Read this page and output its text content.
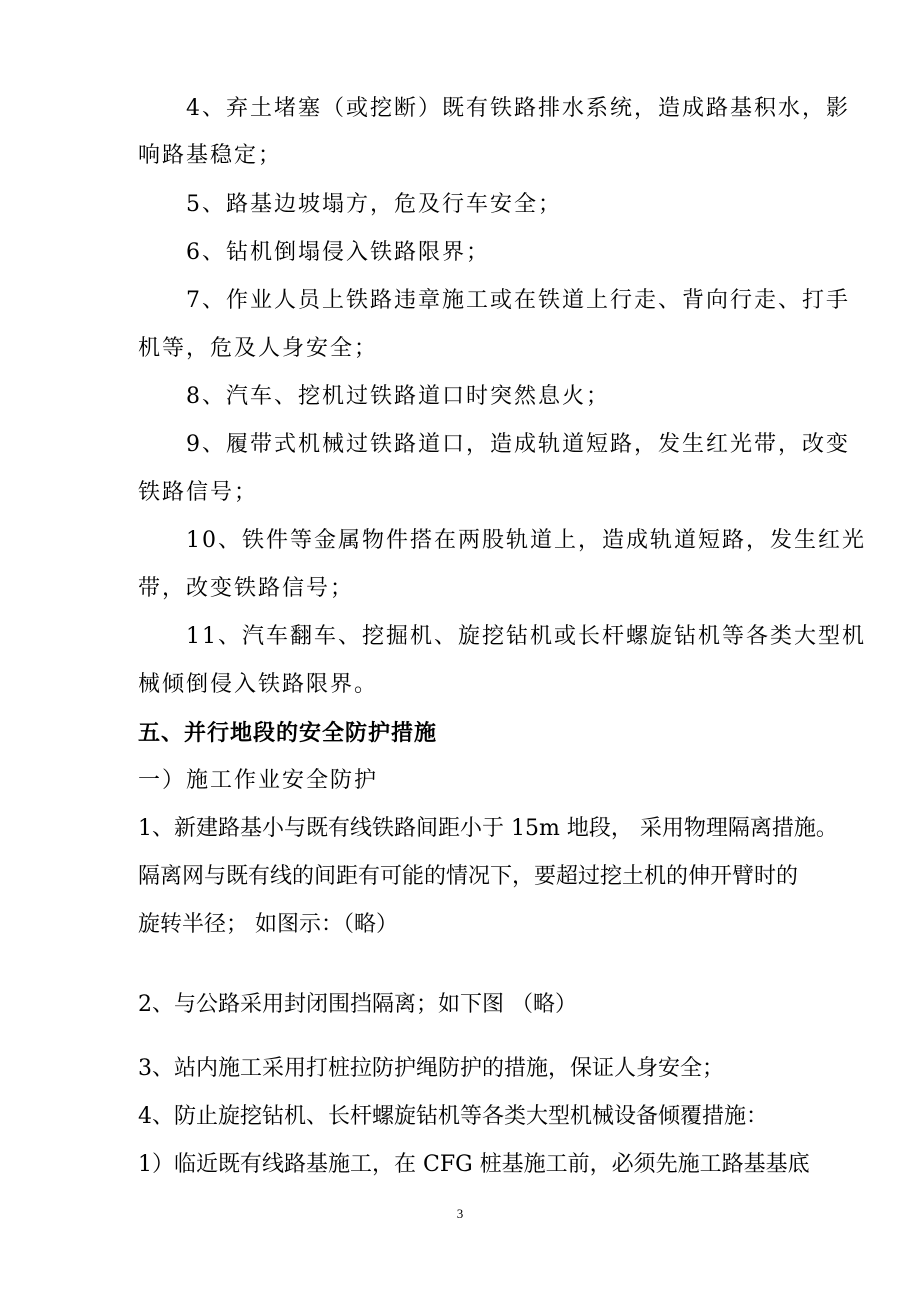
4、弃土堵塞（或挖断）既有铁路排水系统，造成路基积水，影
响路基稳定；
5、路基边坡塌方，危及行车安全；
6、钻机倒塌侵入铁路限界；
7、作业人员上铁路违章施工或在铁道上行走、背向行走、打手
机等，危及人身安全；
8、汽车、挖机过铁路道口时突然息火；
9、履带式机械过铁路道口，造成轨道短路，发生红光带，改变
铁路信号；
10、铁件等金属物件搭在两股轨道上，造成轨道短路，发生红光
带，改变铁路信号；
11、汽车翻车、挖掘机、旋挖钻机或长杆螺旋钻机等各类大型机
械倾倒侵入铁路限界。
五、并行地段的安全防护措施
一）施工作业安全防护
1、新建路基小与既有线铁路间距小于 15m 地段， 采用物理隔离措施。
隔离网与既有线的间距有可能的情况下，要超过挖土机的伸开臂时的
旋转半径； 如图示：（略）
2、与公路采用封闭围挡隔离；如下图 （略）
3、站内施工采用打桩拉防护绳防护的措施，保证人身安全；
4、防止旋挖钻机、长杆螺旋钻机等各类大型机械设备倾覆措施：
1）临近既有线路基施工，在 CFG 桩基施工前，必须先施工路基基底
3
